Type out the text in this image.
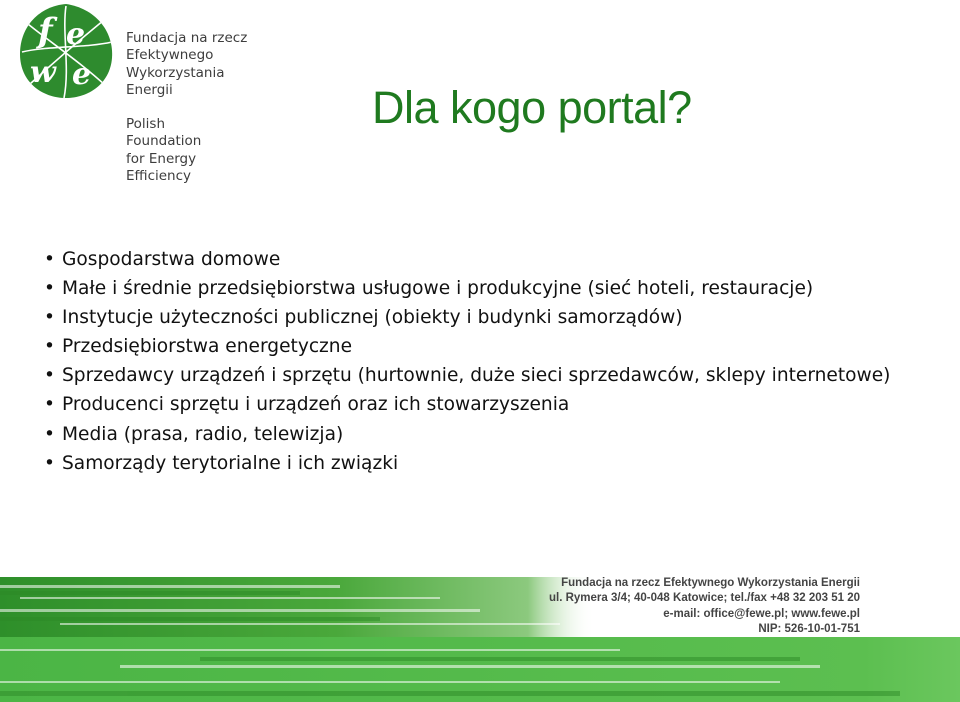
f e
w e
Fundacja na rzecz
Efektywnego
Wykorzystania
Energii
Polish
Foundation
for Energy
Efficiency
Dla kogo portal?
• Gospodarstwa domowe
• Małe i średnie przedsiębiorstwa usługowe i produkcyjne (sieć hoteli, restauracje)
• Instytucje użyteczności publicznej (obiekty i budynki samorządów)
• Przedsiębiorstwa energetyczne
• Sprzedawcy urządzeń i sprzętu (hurtownie, duże sieci sprzedawców, sklepy internetowe)
• Producenci sprzętu i urządzeń oraz ich stowarzyszenia
• Media (prasa, radio, telewizja)
• Samorządy terytorialne i ich związki
Fundacja na rzecz Efektywnego Wykorzystania Energii
ul. Rymera 3/4; 40-048 Katowice; tel./fax +48 32 203 51 20
e-mail: office@fewe.pl; www.fewe.pl
NIP: 526-10-01-751
